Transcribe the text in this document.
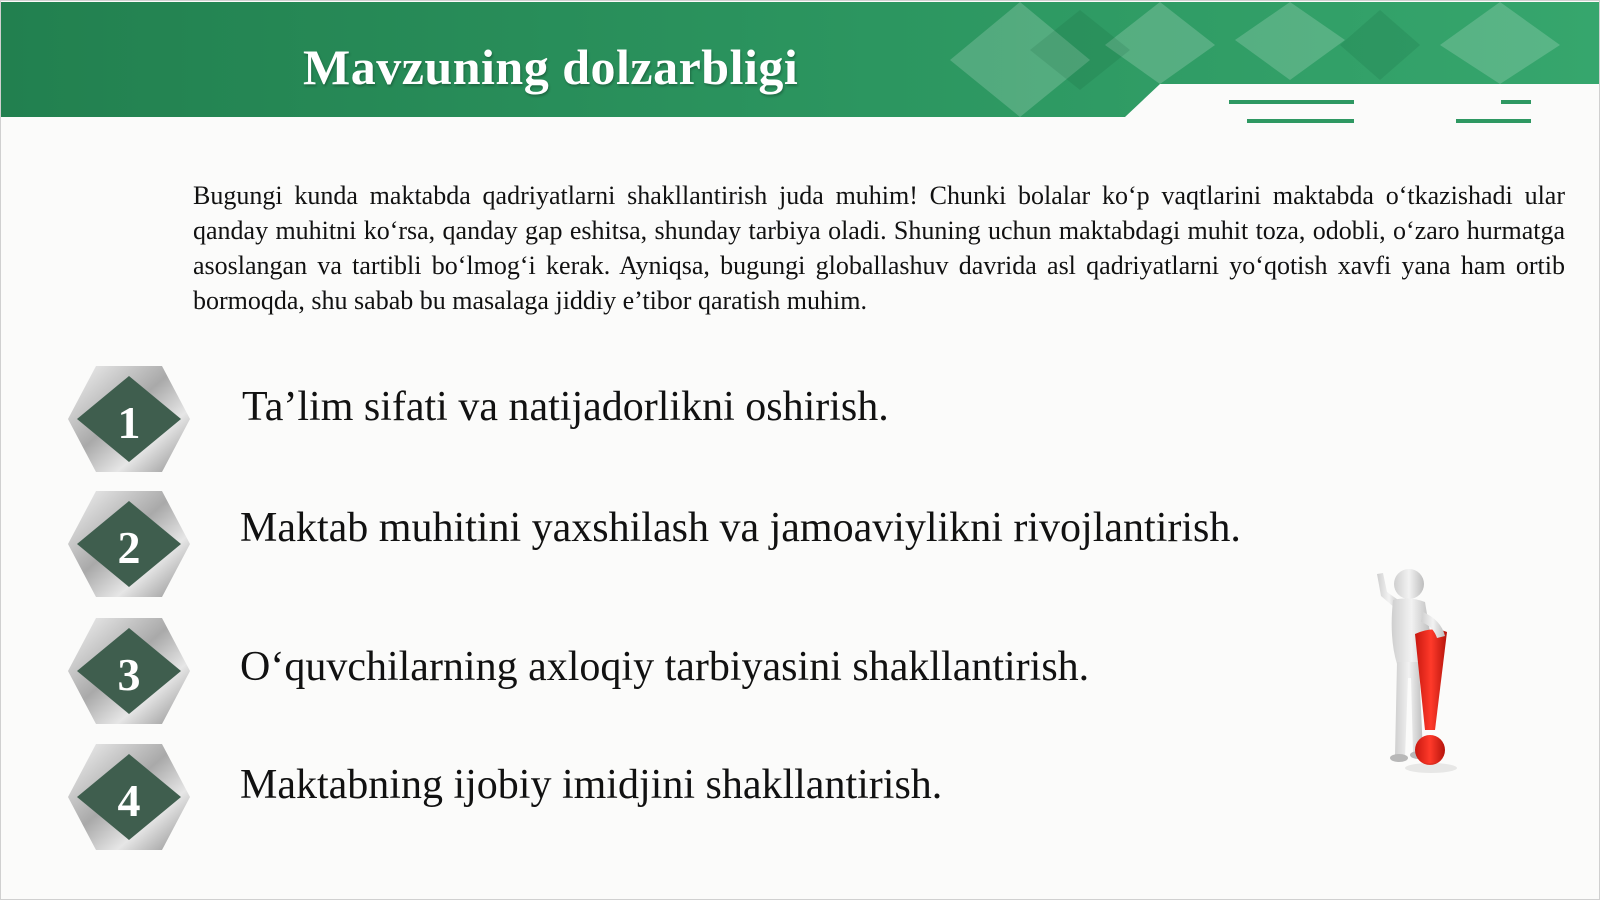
Mavzuning dolzarbligi

Bugungi kunda maktabda qadriyatlarni shakllantirish juda muhim! Chunki bolalar ko‘p vaqtlarini maktabda o‘tkazishadi ular qanday muhitni ko‘rsa, qanday gap eshitsa, shunday tarbiya oladi. Shuning uchun maktabdagi muhit toza, odobli, o‘zaro hurmatga asoslangan va tartibli bo‘lmog‘i kerak. Ayniqsa, bugungi globallashuv davrida asl qadriyatlarni yo‘qotish xavfi yana ham ortib bormoqda, shu sabab bu masalaga jiddiy e’tibor qaratish muhim.

1
2
3
4

Ta’lim sifati va natijadorlikni oshirish.

Maktab muhitini yaxshilash va jamoaviylikni rivojlantirish.

O‘quvchilarning axloqiy tarbiyasini shakllantirish.

Maktabning ijobiy imidjini shakllantirish.
